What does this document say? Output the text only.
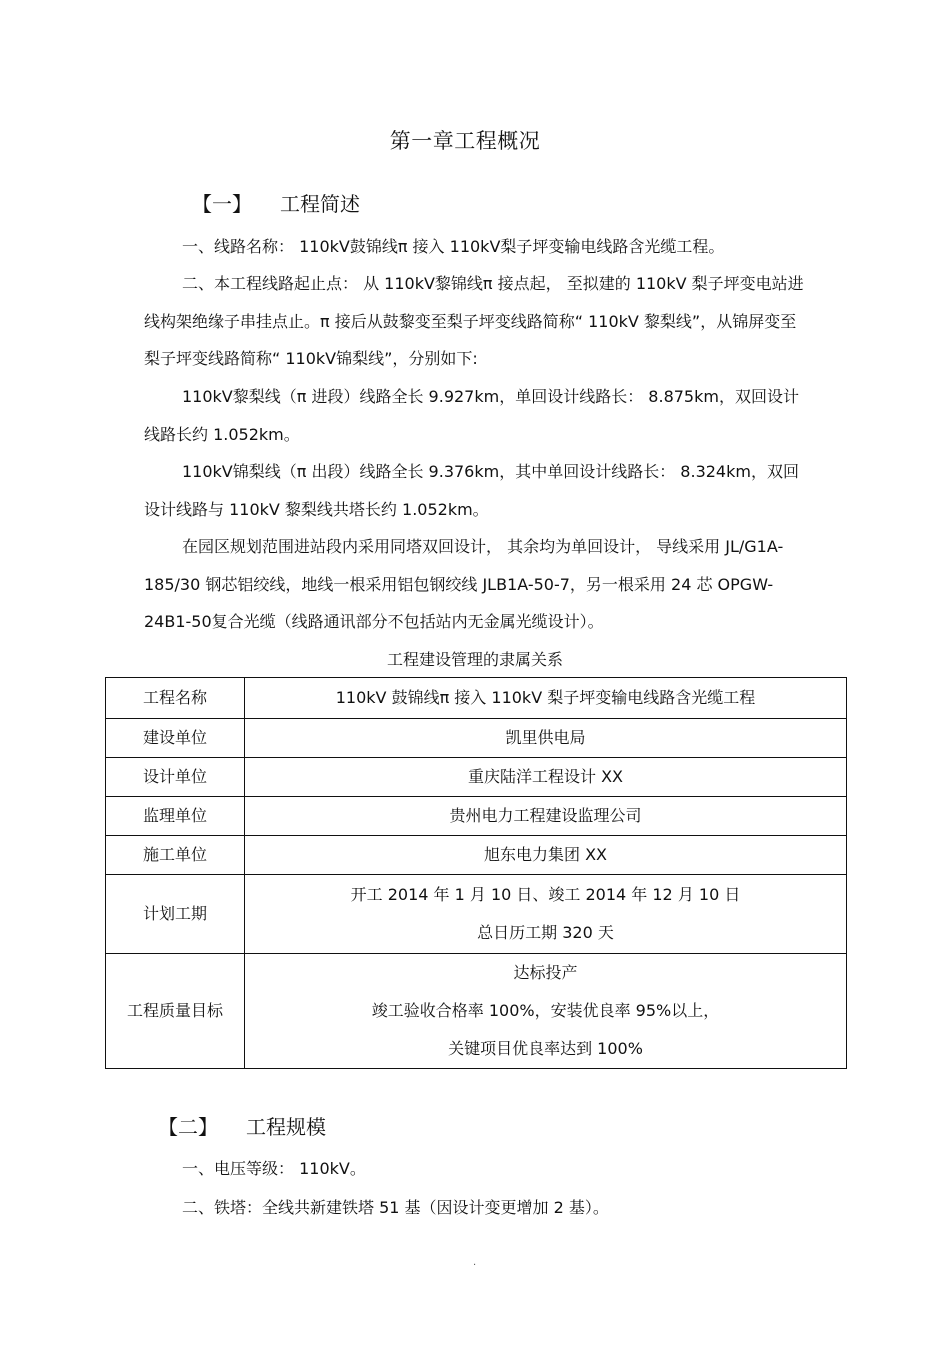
第一章工程概况
【一】 工程简述
一、线路名称： 110kV鼓锦线π 接入 110kV梨子坪变输电线路含光缆工程。
二、本工程线路起止点： 从 110kV黎锦线π 接点起， 至拟建的 110kV 梨子坪变电站进线构架绝缘子串挂点止。π 接后从鼓黎变至梨子坪变线路简称“ 110kV 黎梨线”，从锦屏变至梨子坪变线路简称“ 110kV锦梨线”，分别如下:
110kV黎梨线（π 进段）线路全长 9.927km，单回设计线路长： 8.875km，双回设计线路长约 1.052km。
110kV锦梨线（π 出段）线路全长 9.376km，其中单回设计线路长： 8.324km，双回设计线路与 110kV 黎梨线共塔长约 1.052km。
在园区规划范围进站段内采用同塔双回设计， 其余均为单回设计， 导线采用 JL/G1A-185/30 钢芯铝绞线，地线一根采用铝包钢绞线 JLB1A-50-7，另一根采用 24 芯 OPGW-24B1-50复合光缆（线路通讯部分不包括站内无金属光缆设计）。
工程建设管理的隶属关系
工程名称	110kV 鼓锦线π 接入 110kV 梨子坪变输电线路含光缆工程
建设单位	凯里供电局
设计单位	重庆陆洋工程设计 XX
监理单位	贵州电力工程建设监理公司
施工单位	旭东电力集团 XX
计划工期	开工 2014 年 1 月 10 日、竣工 2014 年 12 月 10 日
总日历工期 320 天

工程质量目标	达标投产
竣工验收合格率 100%，安装优良率 95%以上，
关键项目优良率达到 100%
【二】 工程规模
一、电压等级： 110kV。
二、铁塔：全线共新建铁塔 51 基（因设计变更增加 2 基）。
.
